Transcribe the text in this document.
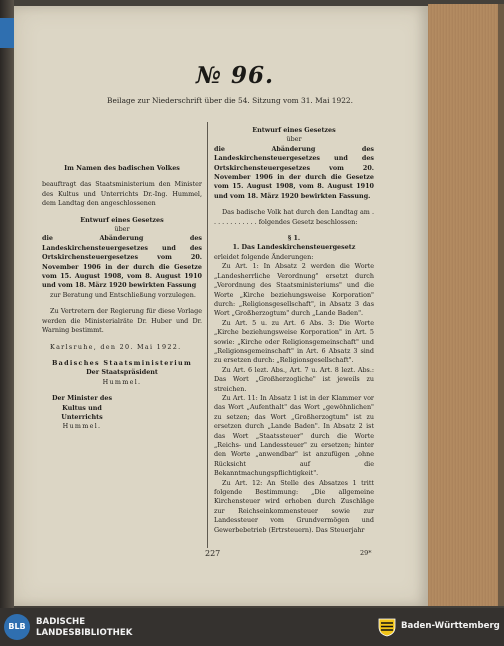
№ 96.
Beilage zur Niederschrift über die 54. Sitzung vom 31. Mai 1922.
Im Namen des badischen Volkes
beauftragt das Staatsministerium den Minister des Kultus und Unterrichts Dr.-Ing. Hummel, dem Landtag den angeschlossenen
Entwurf eines Gesetzes
über
die Abänderung des Landeskirchensteuergesetzes und des Ortskirchensteuergesetzes vom 20. November 1906 in der durch die Gesetze vom 15. August 1908, vom 8. August 1910 und vom 18. März 1920 bewirkten Fassung
zur Beratung und Entschließung vorzulegen.
Zu Vertretern der Regierung für diese Vorlage werden die Ministerialräte Dr. Huber und Dr. Warning bestimmt.
Karlsruhe, den 20. Mai 1922.
Badisches Staatsministerium
Der Staatspräsident
Hummel.
Der Minister des Kultus und Unterrichts
Hummel.
Entwurf eines Gesetzes
über
die Abänderung des Landeskirchensteuergesetzes und des Ortskirchensteuergesetzes vom 20. November 1906 in der durch die Gesetze vom 15. August 1908, vom 8. August 1910 und vom 18. März 1920 bewirkten Fassung.
Das badische Volk hat durch den Landtag am . . . . . . . . . . . . folgendes Gesetz beschlossen:
§ 1.
1. Das Landeskirchensteuergesetz
erleidet folgende Änderungen:
Zu Art. 1: In Absatz 2 werden die Worte „Landesherrliche Verordnung" ersetzt durch „Verordnung des Staatsministeriums" und die Worte „Kirche beziehungsweise Korporation" durch: „Religionsgesellschaft", in Absatz 3 das Wort „Großherzogtum" durch „Lande Baden".
Zu Art. 5 u. zu Art. 6 Abs. 3: Die Worte „Kirche beziehungsweise Korporation" in Art. 5 sowie: „Kirche oder Religionsgemeinschaft" und „Religionsgemeinschaft" in Art. 6 Absatz 3 sind zu ersetzen durch: „Religionsgesellschaft".
Zu Art. 6 lezt. Abs., Art. 7 u. Art. 8 lezt. Abs.: Das Wort „Großherzogliche" ist jeweils zu streichen.
Zu Art. 11: In Absatz 1 ist in der Klammer vor das Wort „Aufenthalt" das Wort „gewöhnlichen" zu setzen; das Wort „Großherzogtum" ist zu ersetzen durch „Lande Baden". In Absatz 2 ist das Wort „Staatssteuer" durch die Worte „Reichs- und Landessteuer" zu ersetzen; hinter den Worte „anwendbar" ist anzufügen „ohne Rücksicht auf die Bekanntmachungspflichtigkeit".
Zu Art. 12: An Stelle des Absatzes 1 tritt folgende Bestimmung: „Die allgemeine Kirchensteuer wird erhoben durch Zuschläge zur Reichseinkommensteuer sowie zur Landessteuer vom Grundvermögen und Gewerbebetrieb (Ertrsteuern). Das Steuerjahr
227	29*
BLB	BADISCHE
LANDESBIBLIOTHEK
Baden-Württemberg
